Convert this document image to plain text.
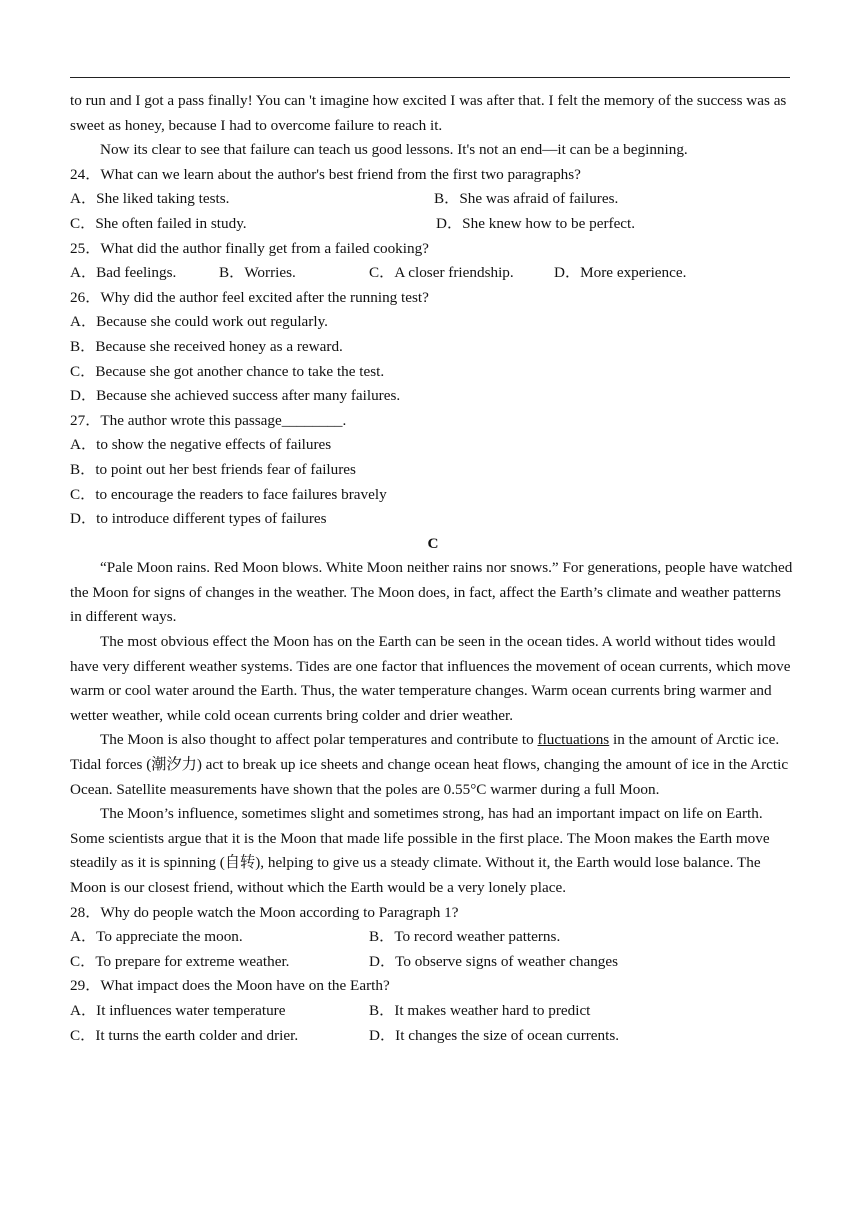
to run and I got a pass finally! You can 't imagine how excited I was after that. I felt the memory of the success was as sweet as honey, because I had to overcome failure to reach it.

Now its clear to see that failure can teach us good lessons. It's not an end—it can be a beginning.

24．What can we learn about the author's best friend from the first two paragraphs?

A．She liked taking tests.	B．She was afraid of failures.
C．She often failed in study.	D．She knew how to be perfect.

25．What did the author finally get from a failed cooking?

A．Bad feelings.	B．Worries.	C．A closer friendship.	D．More experience.

26．Why did the author feel excited after the running test?

A．Because she could work out regularly.

B．Because she received honey as a reward.

C．Because she got another chance to take the test.

D．Because she achieved success after many failures.

27．The author wrote this passage________.

A．to show the negative effects of failures

B．to point out her best friends fear of failures

C．to encourage the readers to face failures bravely

D．to introduce different types of failures

C

“Pale Moon rains. Red Moon blows. White Moon neither rains nor snows.” For generations, people have watched the Moon for signs of changes in the weather. The Moon does, in fact, affect the Earth’s climate and weather patterns in different ways.

The most obvious effect the Moon has on the Earth can be seen in the ocean tides. A world without tides would have very different weather systems. Tides are one factor that influences the movement of ocean currents, which move warm or cool water around the Earth. Thus, the water temperature changes. Warm ocean currents bring warmer and wetter weather, while cold ocean currents bring colder and drier weather.

The Moon is also thought to affect polar temperatures and contribute to fluctuations in the amount of Arctic ice. Tidal forces (潮汐力) act to break up ice sheets and change ocean heat flows, changing the amount of ice in the Arctic Ocean. Satellite measurements have shown that the poles are 0.55°C warmer during a full Moon.

The Moon’s influence, sometimes slight and sometimes strong, has had an important impact on life on Earth. Some scientists argue that it is the Moon that made life possible in the first place. The Moon makes the Earth move steadily as it is spinning (自转), helping to give us a steady climate. Without it, the Earth would lose balance. The Moon is our closest friend, without which the Earth would be a very lonely place.

28．Why do people watch the Moon according to Paragraph 1?

A．To appreciate the moon.	B．To record weather patterns.
C．To prepare for extreme weather.	D．To observe signs of weather changes

29．What impact does the Moon have on the Earth?

A．It influences water temperature	B．It makes weather hard to predict
C．It turns the earth colder and drier.	D．It changes the size of ocean currents.
